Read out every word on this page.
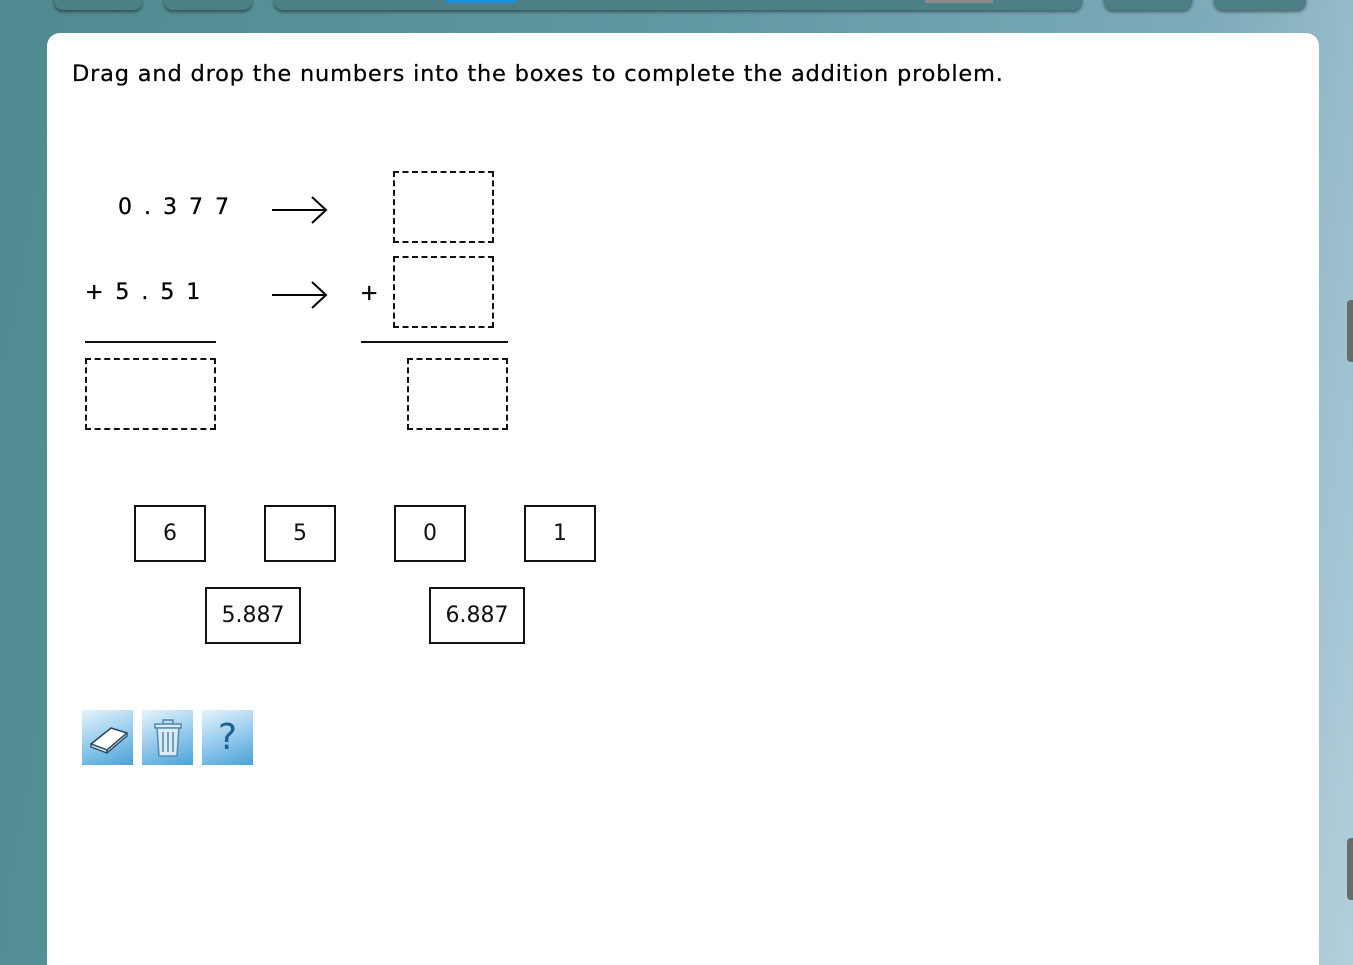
Drag and drop the numbers into the boxes to complete the addition problem.
0.377
+5.51	+
6	5	0	1
5.887	6.887
?
